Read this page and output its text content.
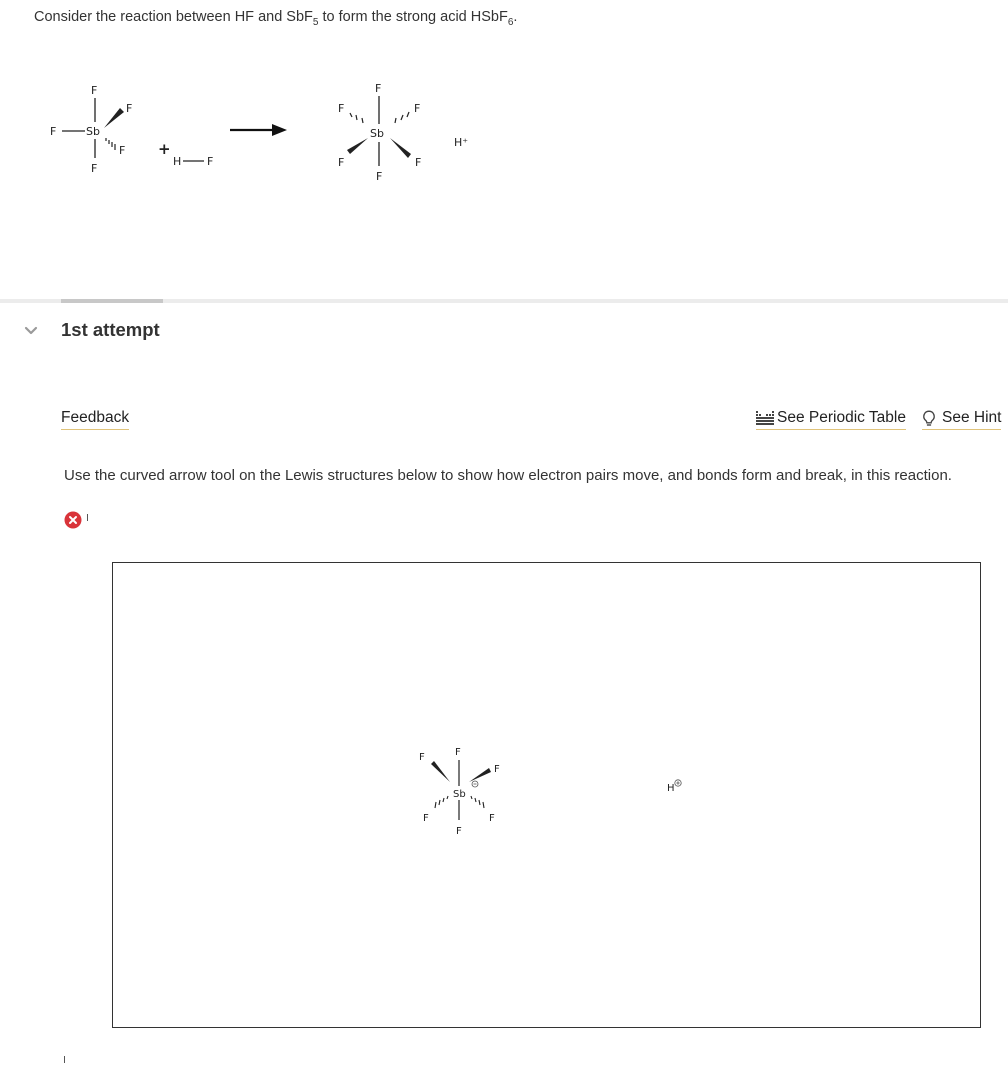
Consider the reaction between HF and SbF$_5$ to form the strong acid HSbF$_6$.
Sb
F
F
F
F
F +
H F
Sb
F
F	F
F
F
F
H⁺
1st attempt
Feedback	See Periodic Table See Hint
Use the curved arrow tool on the Lewis structures below to show how electron pairs move, and bonds form and break, in this reaction.
Sb
F
F
F
F	F
F
H
